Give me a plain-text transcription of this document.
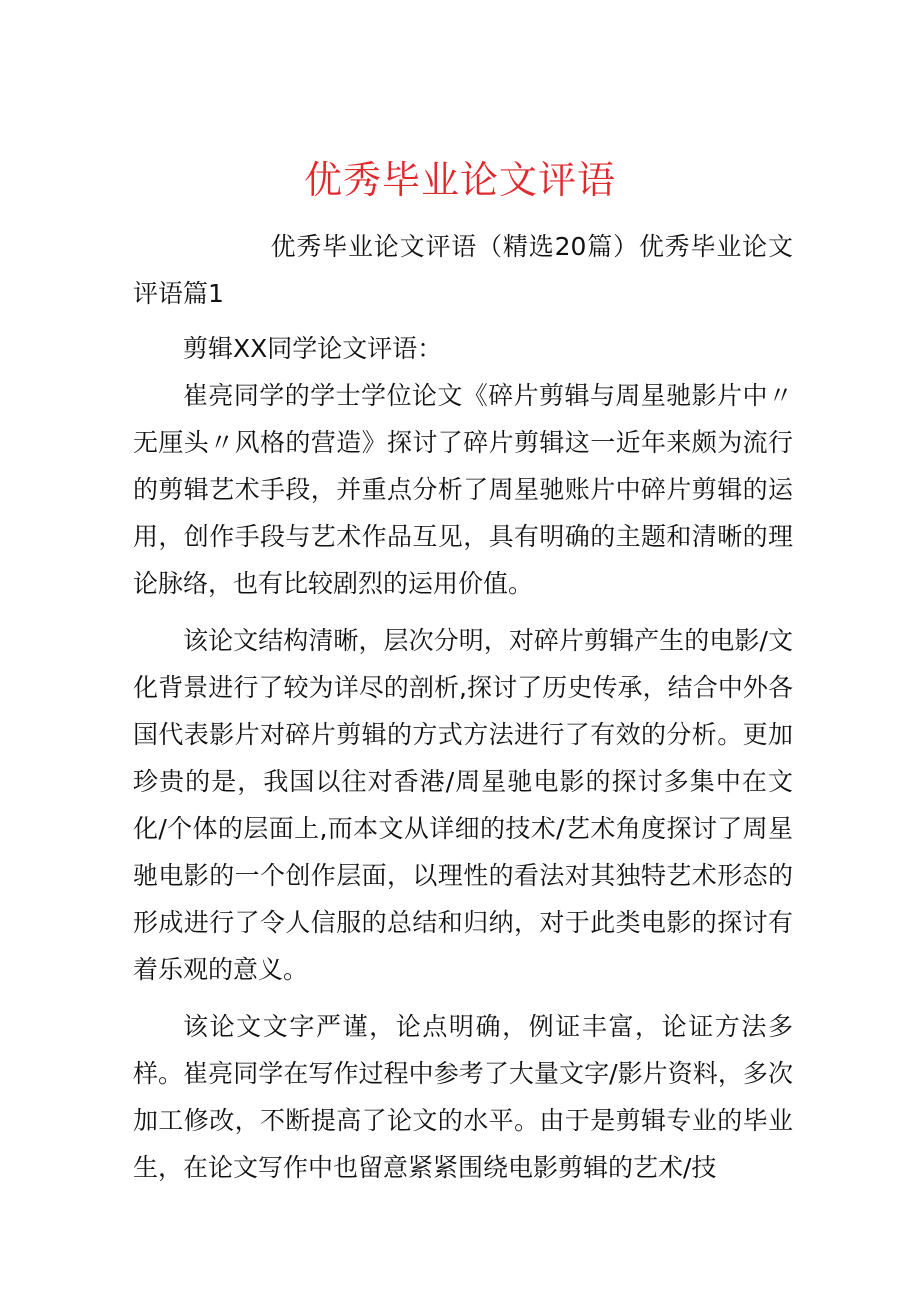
优秀毕业论文评语

优秀毕业论文评语（精选20篇）优秀毕业论文评语篇1

剪辑XX同学论文评语：

崔亮同学的学士学位论文《碎片剪辑与周星驰影片中〃无厘头〃风格的营造》探讨了碎片剪辑这一近年来颇为流行的剪辑艺术手段，并重点分析了周星驰账片中碎片剪辑的运用，创作手段与艺术作品互见，具有明确的主题和清晰的理论脉络，也有比较剧烈的运用价值。

该论文结构清晰，层次分明，对碎片剪辑产生的电影/文化背景进行了较为详尽的剖析,探讨了历史传承，结合中外各国代表影片对碎片剪辑的方式方法进行了有效的分析。更加珍贵的是，我国以往对香港/周星驰电影的探讨多集中在文化/个体的层面上,而本文从详细的技术/艺术角度探讨了周星驰电影的一个创作层面，以理性的看法对其独特艺术形态的形成进行了令人信服的总结和归纳，对于此类电影的探讨有着乐观的意义。

该论文文字严谨，论点明确，例证丰富，论证方法多样。崔亮同学在写作过程中参考了大量文字/影片资料，多次加工修改，不断提高了论文的水平。由于是剪辑专业的毕业生，在论文写作中也留意紧紧围绕电影剪辑的艺术/技
